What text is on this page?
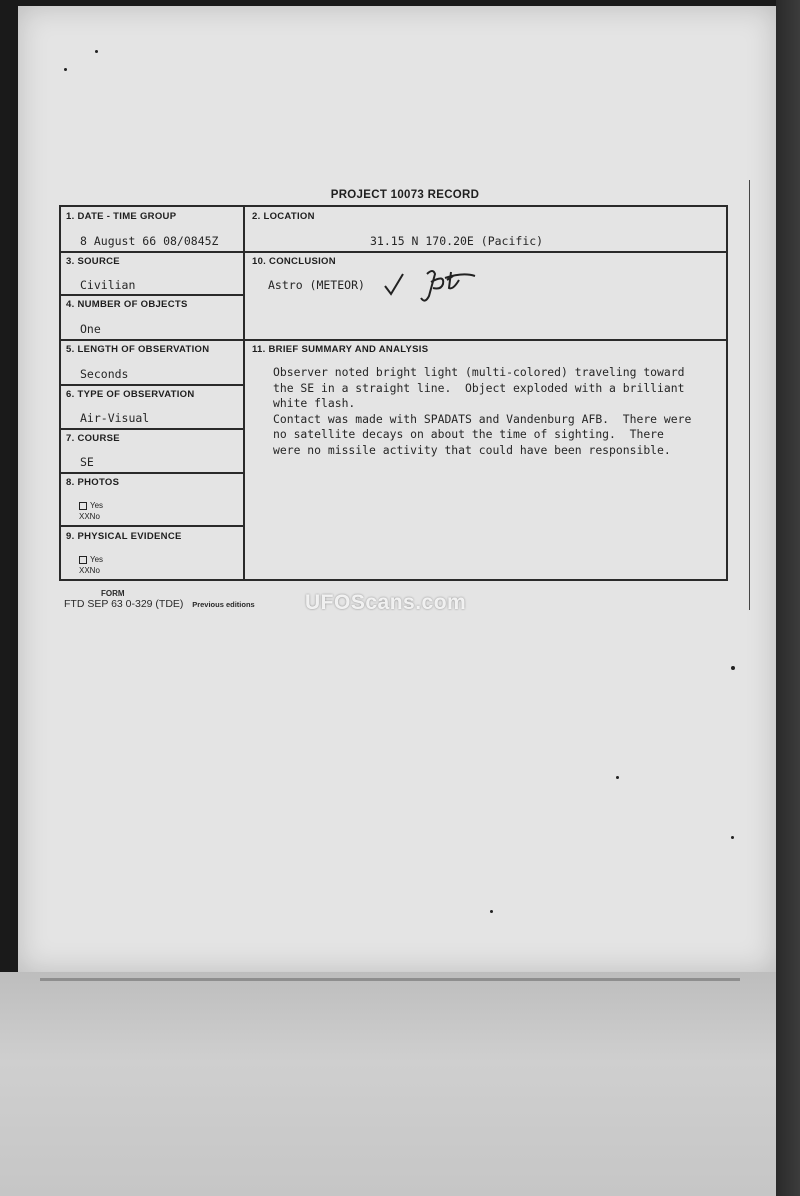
PROJECT 10073 RECORD
1. DATE - TIME GROUP
8 August 66 08/0845Z
2. LOCATION
31.15 N 170.20E (Pacific)
3. SOURCE
Civilian
10. CONCLUSION
Astro (METEOR)
4. NUMBER OF OBJECTS
One
5. LENGTH OF OBSERVATION
Seconds
11. BRIEF SUMMARY AND ANALYSIS
Observer noted bright light (multi-colored) traveling toward
the SE in a straight line.  Object exploded with a brilliant
white flash.
Contact was made with SPADATS and Vandenburg AFB.  There were
no satellite decays on about the time of sighting.  There
were no missile activity that could have been responsible.
6. TYPE OF OBSERVATION
Air-Visual
7. COURSE
SE
8. PHOTOS
Yes
XXNo
9. PHYSICAL EVIDENCE
Yes
XXNo
FORM
FTD SEP 63 0-329 (TDE) Previous editions UFOScans.com
